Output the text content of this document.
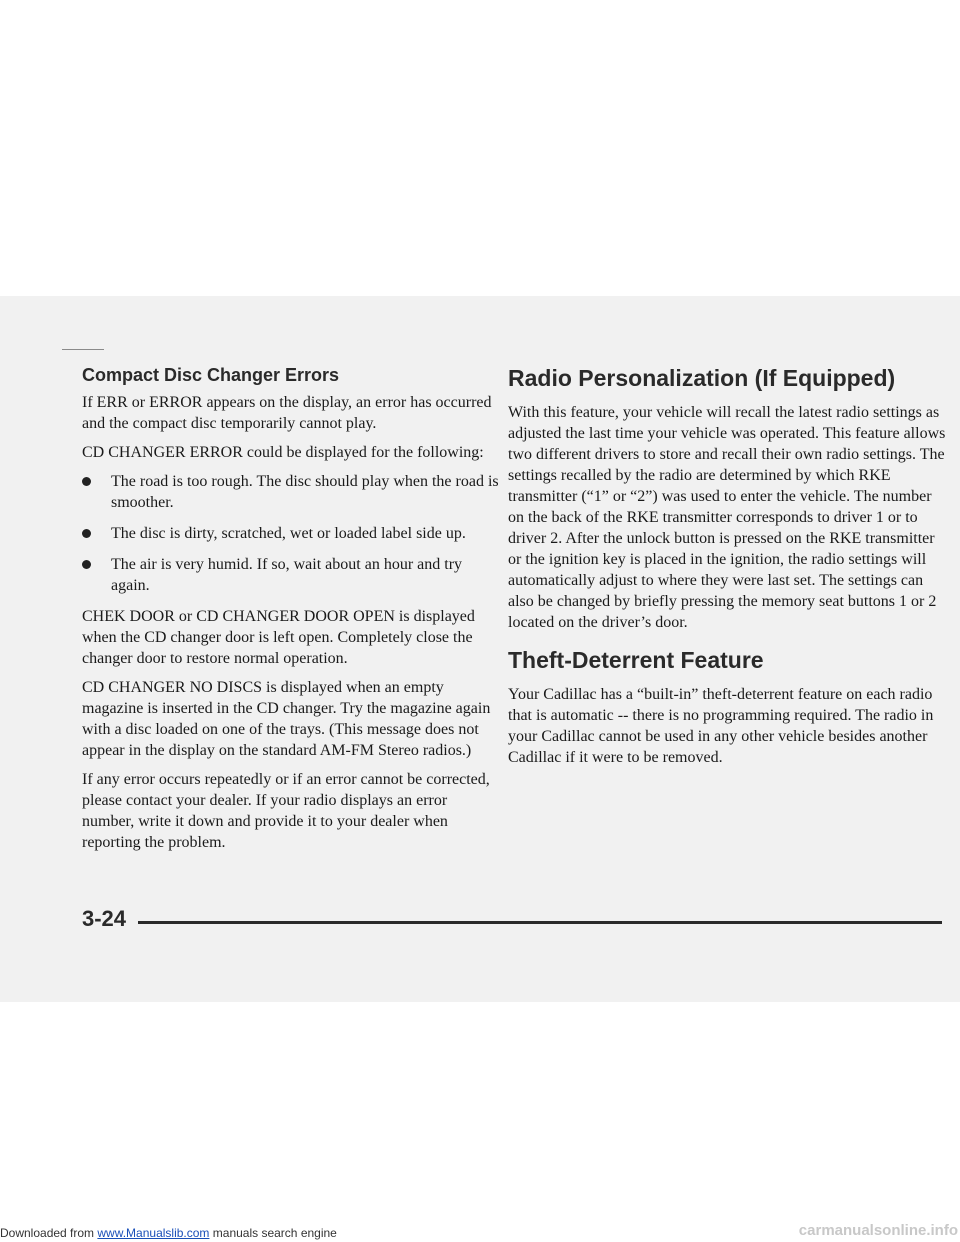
Compact Disc Changer Errors

If ERR or ERROR appears on the display, an error has occurred and the compact disc temporarily cannot play.

CD CHANGER ERROR could be displayed for the following:

The road is too rough. The disc should play when the road is smoother.
The disc is dirty, scratched, wet or loaded label side up.
The air is very humid. If so, wait about an hour and try again.

CHEK DOOR or CD CHANGER DOOR OPEN is displayed when the CD changer door is left open. Completely close the changer door to restore normal operation.

CD CHANGER NO DISCS is displayed when an empty magazine is inserted in the CD changer. Try the magazine again with a disc loaded on one of the trays. (This message does not appear in the display on the standard AM-FM Stereo radios.)

If any error occurs repeatedly or if an error cannot be corrected, please contact your dealer. If your radio displays an error number, write it down and provide it to your dealer when reporting the problem.

Radio Personalization (If Equipped)

With this feature, your vehicle will recall the latest radio settings as adjusted the last time your vehicle was operated. This feature allows two different drivers to store and recall their own radio settings. The settings recalled by the radio are determined by which RKE transmitter (“1” or “2”) was used to enter the vehicle. The number on the back of the RKE transmitter corresponds to driver 1 or to driver 2. After the unlock button is pressed on the RKE transmitter or the ignition key is placed in the ignition, the radio settings will automatically adjust to where they were last set. The settings can also be changed by briefly pressing the memory seat buttons 1 or 2 located on the driver’s door.

Theft-Deterrent Feature

Your Cadillac has a “built-in” theft-deterrent feature on each radio that is automatic -- there is no programming required. The radio in your Cadillac cannot be used in any other vehicle besides another Cadillac if it were to be removed.

3-24
Downloaded from www.Manualslib.com manuals search engine	carmanualsonline.info
